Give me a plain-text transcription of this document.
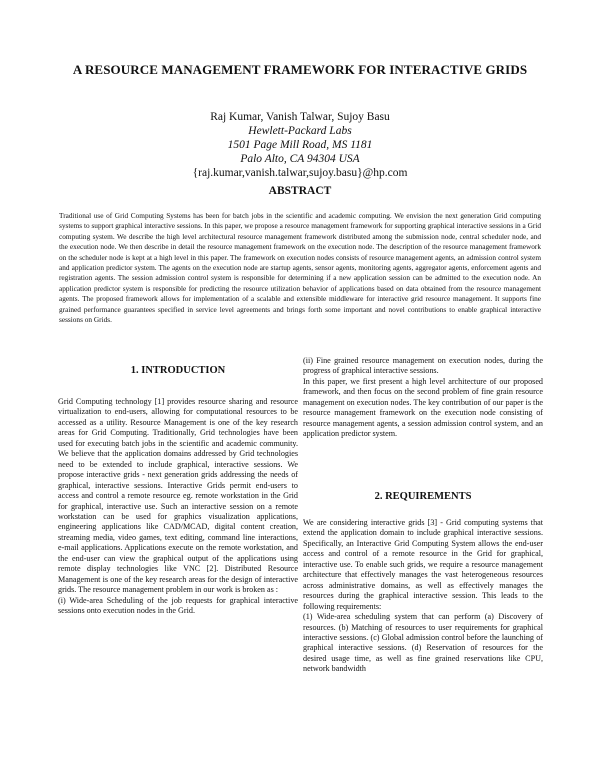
A RESOURCE MANAGEMENT FRAMEWORK FOR INTERACTIVE GRIDS
Raj Kumar, Vanish Talwar, Sujoy Basu
Hewlett-Packard Labs
1501 Page Mill Road, MS 1181
Palo Alto, CA 94304 USA
{raj.kumar,vanish.talwar,sujoy.basu}@hp.com
ABSTRACT
Traditional use of Grid Computing Systems has been for batch jobs in the scientific and academic computing. We envision the next generation Grid computing systems to support graphical interactive sessions. In this paper, we propose a resource management framework for supporting graphical interactive sessions in a Grid computing system. We describe the high level architectural resource management framework distributed among the submission node, central scheduler node, and the execution node. We then describe in detail the resource management framework on the execution node. The description of the resource management framework on the scheduler node is kept at a high level in this paper. The framework on execution nodes consists of resource management agents, an admission control system and application predictor system. The agents on the execution node are startup agents, sensor agents, monitoring agents, aggregator agents, enforcement agents and registration agents. The session admission control system is responsible for determining if a new application session can be admitted to the execution node. An application predictor system is responsible for predicting the resource utilization behavior of applications based on data obtained from the resource management agents. The proposed framework allows for implementation of a scalable and extensible middleware for interactive grid resource management. It supports fine grained performance guarantees specified in service level agreements and brings forth some important and novel contributions to enable graphical interactive sessions on Grids.
1. INTRODUCTION

Grid Computing technology [1] provides resource sharing and resource virtualization to end-users, allowing for computational resources to be accessed as a utility. Resource Management is one of the key research areas for Grid Computing. Traditionally, Grid technologies have been used for executing batch jobs in the scientific and academic community. We believe that the application domains addressed by Grid technologies need to be extended to include graphical, interactive sessions. We propose interactive grids - next generation grids addressing the needs of graphical, interactive sessions. Interactive Grids permit end-users to access and control a remote resource eg. remote workstation in the Grid for graphical, interactive use. Such an interactive session on a remote workstation can be used for graphics visualization applications, engineering applications like CAD/MCAD, digital content creation, streaming media, video games, text editing, command line interactions, e-mail applications. Applications execute on the remote workstation, and the end-user can view the graphical output of the applications using remote display technologies like VNC [2]. Distributed Resource Management is one of the key research areas for the design of interactive grids. The resource management problem in our work is broken as :

(i) Wide-area Scheduling of the job requests for graphical interactive sessions onto execution nodes in the Grid.

(ii) Fine grained resource management on execution nodes, during the progress of graphical interactive sessions.

In this paper, we first present a high level architecture of our proposed framework, and then focus on the second problem of fine grain resource management on execution nodes. The key contribution of our paper is the resource management framework on the execution node consisting of resource management agents, a session admission control system, and an application predictor system.

2. REQUIREMENTS

We are considering interactive grids [3] - Grid computing systems that extend the application domain to include graphical interactive sessions. Specifically, an Interactive Grid Computing System allows the end-user access and control of a remote resource in the Grid for graphical, interactive use. To enable such grids, we require a resource management architecture that effectively manages the vast heterogeneous resources across administrative domains, as well as effectively manages the resources during the graphical interactive session. This leads to the following requirements:

(1) Wide-area scheduling system that can perform (a) Discovery of resources. (b) Matching of resources to user requirements for graphical interactive sessions. (c) Global admission control before the launching of graphical interactive sessions. (d) Reservation of resources for the desired usage time, as well as fine grained reservations like CPU, network bandwidth
